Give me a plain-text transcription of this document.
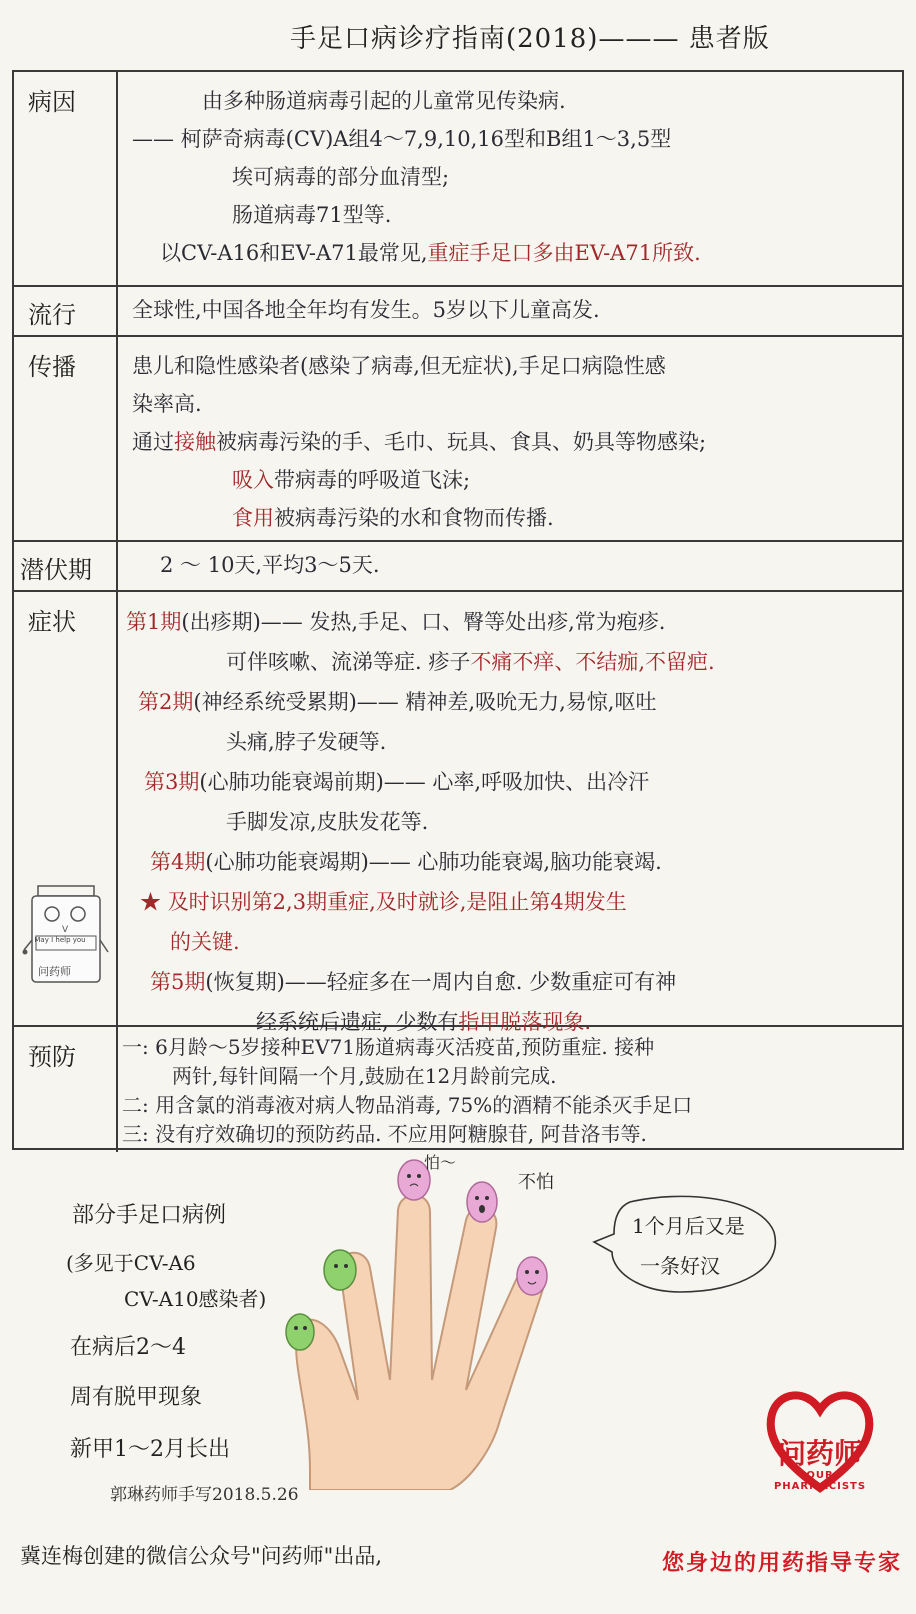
手足口病诊疗指南(2018)——— 患者版
病因	由多种肠道病毒引起的儿童常见传染病.
—— 柯萨奇病毒(CV)A组4～7,9,10,16型和B组1～3,5型
埃可病毒的部分血清型;
肠道病毒71型等.
以CV-A16和EV-A71最常见,重症手足口多由EV-A71所致.
流行	全球性,中国各地全年均有发生。5岁以下儿童高发.
传播	患儿和隐性感染者(感染了病毒,但无症状),手足口病隐性感
染率高.
通过接触被病毒污染的手、毛巾、玩具、食具、奶具等物感染;
吸入带病毒的呼吸道飞沫;
食用被病毒污染的水和食物而传播.
潜伏期	2 ～ 10天,平均3～5天.
症状 第1期(出疹期)—— 发热,手足、口、臀等处出疹,常为疱疹.
可伴咳嗽、流涕等症. 疹子不痛不痒、不结痂,不留疤.
第2期(神经系统受累期)—— 精神差,吸吮无力,易惊,呕吐
头痛,脖子发硬等.
第3期(心肺功能衰竭前期)—— 心率,呼吸加快、出冷汗
手脚发凉,皮肤发花等.
第4期(心肺功能衰竭期)—— 心肺功能衰竭,脑功能衰竭.
★ 及时识别第2,3期重症,及时就诊,是阻止第4期发生
的关键.
第5期(恢复期)——轻症多在一周内自愈. 少数重症可有神
经系统后遗症, 少数有指甲脱落现象.
预防 一: 6月龄～5岁接种EV71肠道病毒灭活疫苗,预防重症. 接种
两针,每针间隔一个月,鼓励在12月龄前完成.
二: 用含氯的消毒液对病人物品消毒, 75%的酒精不能杀灭手足口
三: 没有疗效确切的预防药品. 不应用阿糖腺苷, 阿昔洛韦等.
V
May I help you
问药师
部分手足口病例
(多见于CV-A6
CV-A10感染者)
在病后2～4
周有脱甲现象
新甲1～2月长出
怕～
不怕
1个月后又是
一条好汉
问药师
OUR PHARMACISTS
郭琳药师手写2018.5.26
冀连梅创建的微信公众号"问药师"出品,	您身边的用药指导专家
